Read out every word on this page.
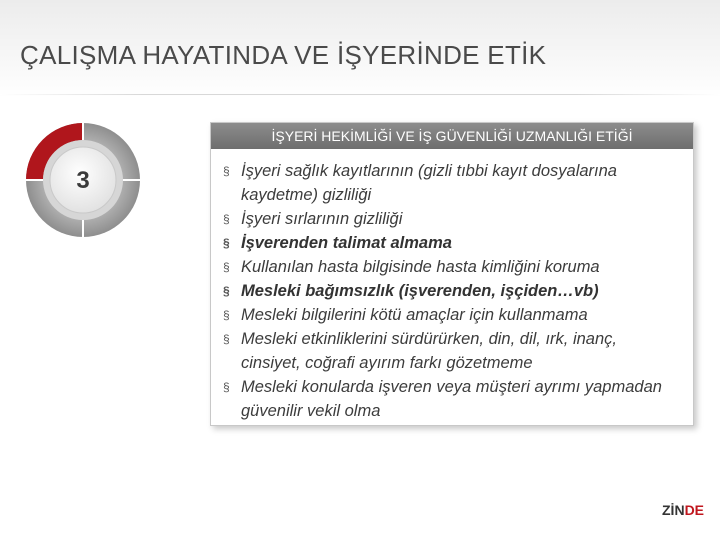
ÇALIŞMA HAYATINDA VE İŞYERİNDE ETİK
3
İŞYERİ HEKİMLİĞİ VE İŞ GÜVENLİĞİ UZMANLIĞI ETİĞİ
§ İşyeri sağlık kayıtlarının (gizli tıbbi kayıt dosyalarına kaydetme) gizliliği
§ İşyeri sırlarının gizliliği
§ İşverenden talimat almama
§ Kullanılan hasta bilgisinde hasta kimliğini koruma
§ Mesleki bağımsızlık (işverenden, işçiden…vb)
§ Mesleki bilgilerini kötü amaçlar için kullanmama
§ Mesleki etkinliklerini sürdürürken, din, dil, ırk, inanç, cinsiyet, coğrafi ayırım farkı gözetmeme
§ Mesleki konularda işveren veya müşteri ayrımı yapmadan güvenilir vekil olma
ZİNDE
